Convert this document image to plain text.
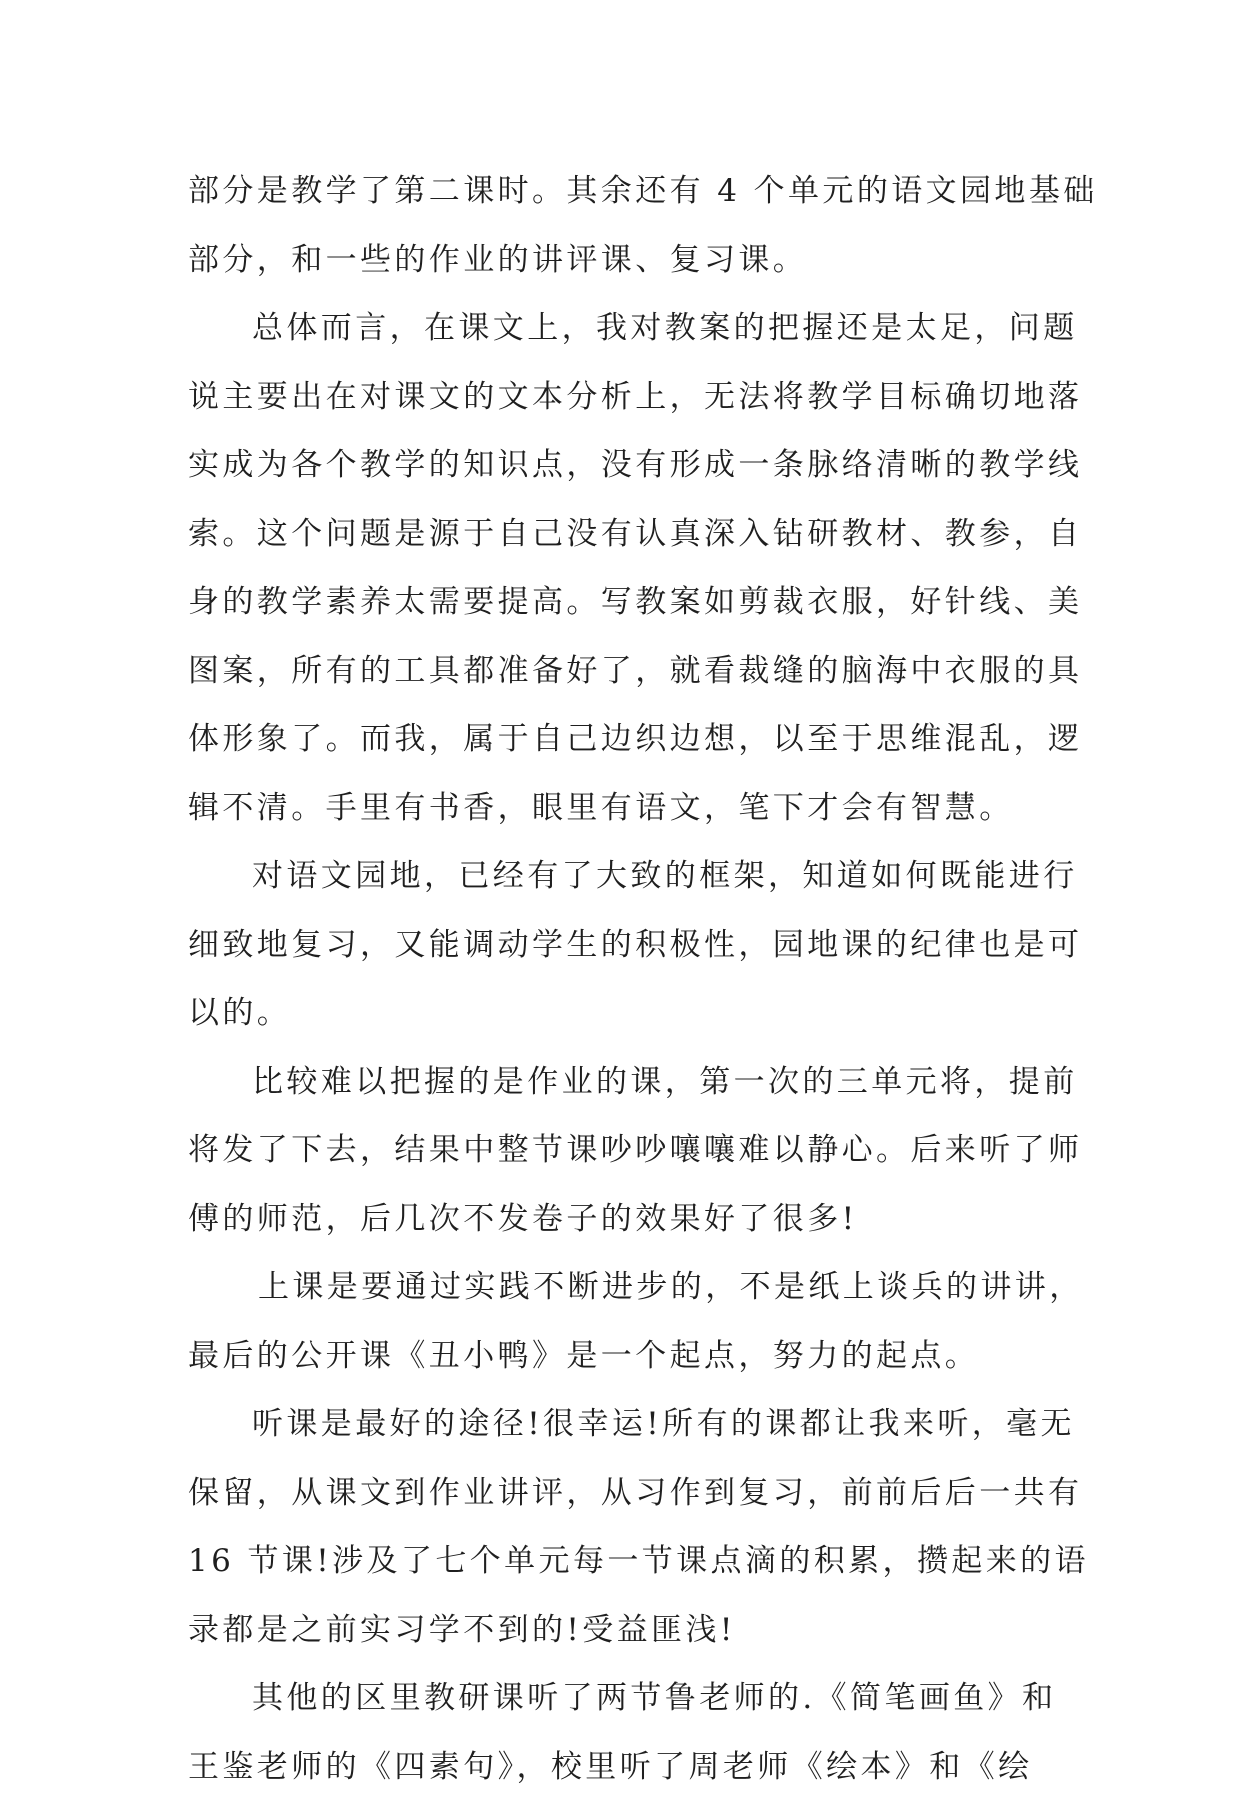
部分是教学了第二课时。其余还有 4 个单元的语文园地基础
部分，和一些的作业的讲评课、复习课。
总体而言，在课文上，我对教案的把握还是太足，问题
说主要出在对课文的文本分析上，无法将教学目标确切地落
实成为各个教学的知识点，没有形成一条脉络清晰的教学线
索。这个问题是源于自己没有认真深入钻研教材、教参，自
身的教学素养太需要提高。写教案如剪裁衣服，好针线、美
图案，所有的工具都准备好了，就看裁缝的脑海中衣服的具
体形象了。而我，属于自己边织边想，以至于思维混乱，逻
辑不清。手里有书香，眼里有语文，笔下才会有智慧。
对语文园地，已经有了大致的框架，知道如何既能进行
细致地复习，又能调动学生的积极性，园地课的纪律也是可
以的。
比较难以把握的是作业的课，第一次的三单元将，提前
将发了下去，结果中整节课吵吵嚷嚷难以静心。后来听了师
傅的师范，后几次不发卷子的效果好了很多!
上课是要通过实践不断进步的，不是纸上谈兵的讲讲，
最后的公开课《丑小鸭》是一个起点，努力的起点。
听课是最好的途径!很幸运!所有的课都让我来听，毫无
保留，从课文到作业讲评，从习作到复习，前前后后一共有
16 节课!涉及了七个单元每一节课点滴的积累，攒起来的语
录都是之前实习学不到的!受益匪浅!
其他的区里教研课听了两节鲁老师的.《简笔画鱼》和
王鉴老师的《四素句》，校里听了周老师《绘本》和《绘
